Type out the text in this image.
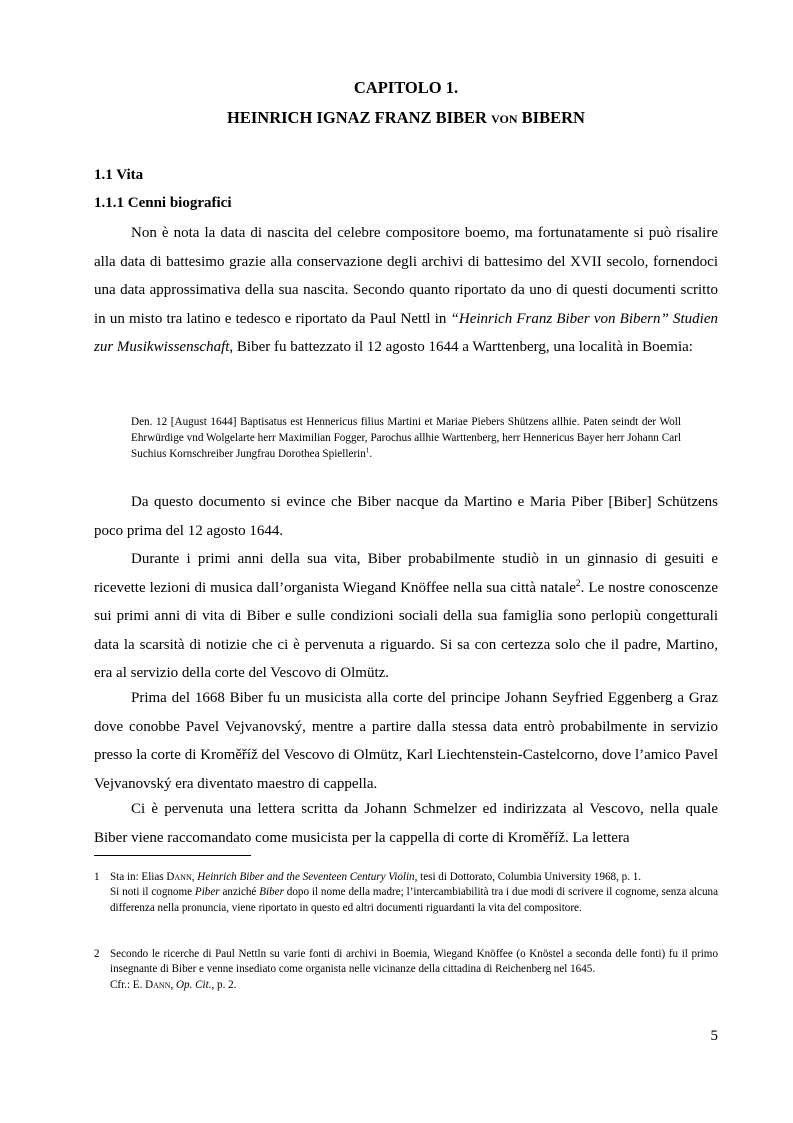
CAPITOLO 1.
HEINRICH IGNAZ FRANZ BIBER von BIBERN
1.1 Vita
1.1.1 Cenni biografici

Non è nota la data di nascita del celebre compositore boemo, ma fortunatamente si può risalire alla data di battesimo grazie alla conservazione degli archivi di battesimo del XVII secolo, fornendoci una data approssimativa della sua nascita. Secondo quanto riportato da uno di questi documenti scritto in un misto tra latino e tedesco e riportato da Paul Nettl in “Heinrich Franz Biber von Bibern” Studien zur Musikwissenschaft, Biber fu battezzato il 12 agosto 1644 a Warttenberg, una località in Boemia:

Den. 12 [August 1644] Baptisatus est Hennericus filius Martini et Mariae Piebers Shützens allhie. Paten seindt der Woll Ehrwürdige vnd Wolgelarte herr Maximilian Fogger, Parochus allhie Warttenberg, herr Hennericus Bayer herr Johann Carl Suchius Kornschreiber Jungfrau Dorothea Spiellerin$^1$.

Da questo documento si evince che Biber nacque da Martino e Maria Piber [Biber] Schützens poco prima del 12 agosto 1644.

Durante i primi anni della sua vita, Biber probabilmente studiò in un ginnasio di gesuiti e ricevette lezioni di musica dall’organista Wiegand Knöffee nella sua città natale$^2$. Le nostre conoscenze sui primi anni di vita di Biber e sulle condizioni sociali della sua famiglia sono perlopiù congetturali data la scarsità di notizie che ci è pervenuta a riguardo. Si sa con certezza solo che il padre, Martino, era al servizio della corte del Vescovo di Olmütz.

Prima del 1668 Biber fu un musicista alla corte del principe Johann Seyfried Eggenberg a Graz dove conobbe Pavel Vejvanovský, mentre a partire dalla stessa data entrò probabilmente in servizio presso la corte di Kroměříž del Vescovo di Olmütz, Karl Liechtenstein-Castelcorno, dove l’amico Pavel Vejvanovský era diventato maestro di cappella.

Ci è pervenuta una lettera scritta da Johann Schmelzer ed indirizzata al Vescovo, nella quale Biber viene raccomandato come musicista per la cappella di corte di Kroměříž. La lettera

1 Sta in: Elias Dann, Heinrich Biber and the Seventeen Century Violin, tesi di Dottorato, Columbia University 1968, p. 1.
Si noti il cognome Piber anziché Biber dopo il nome della madre; l’intercambiabilità tra i due modi di scrivere il cognome, senza alcuna differenza nella pronuncia, viene riportato in questo ed altri documenti riguardanti la vita del compositore.
2 Secondo le ricerche di Paul Nettln su varie fonti di archivi in Boemia, Wiegand Knöffee (o Knöstel a seconda delle fonti) fu il primo insegnante di Biber e venne insediato come organista nelle vicinanze della cittadina di Reichenberg nel 1645.
Cfr.: E. Dann, Op. Cit., p. 2.
5
